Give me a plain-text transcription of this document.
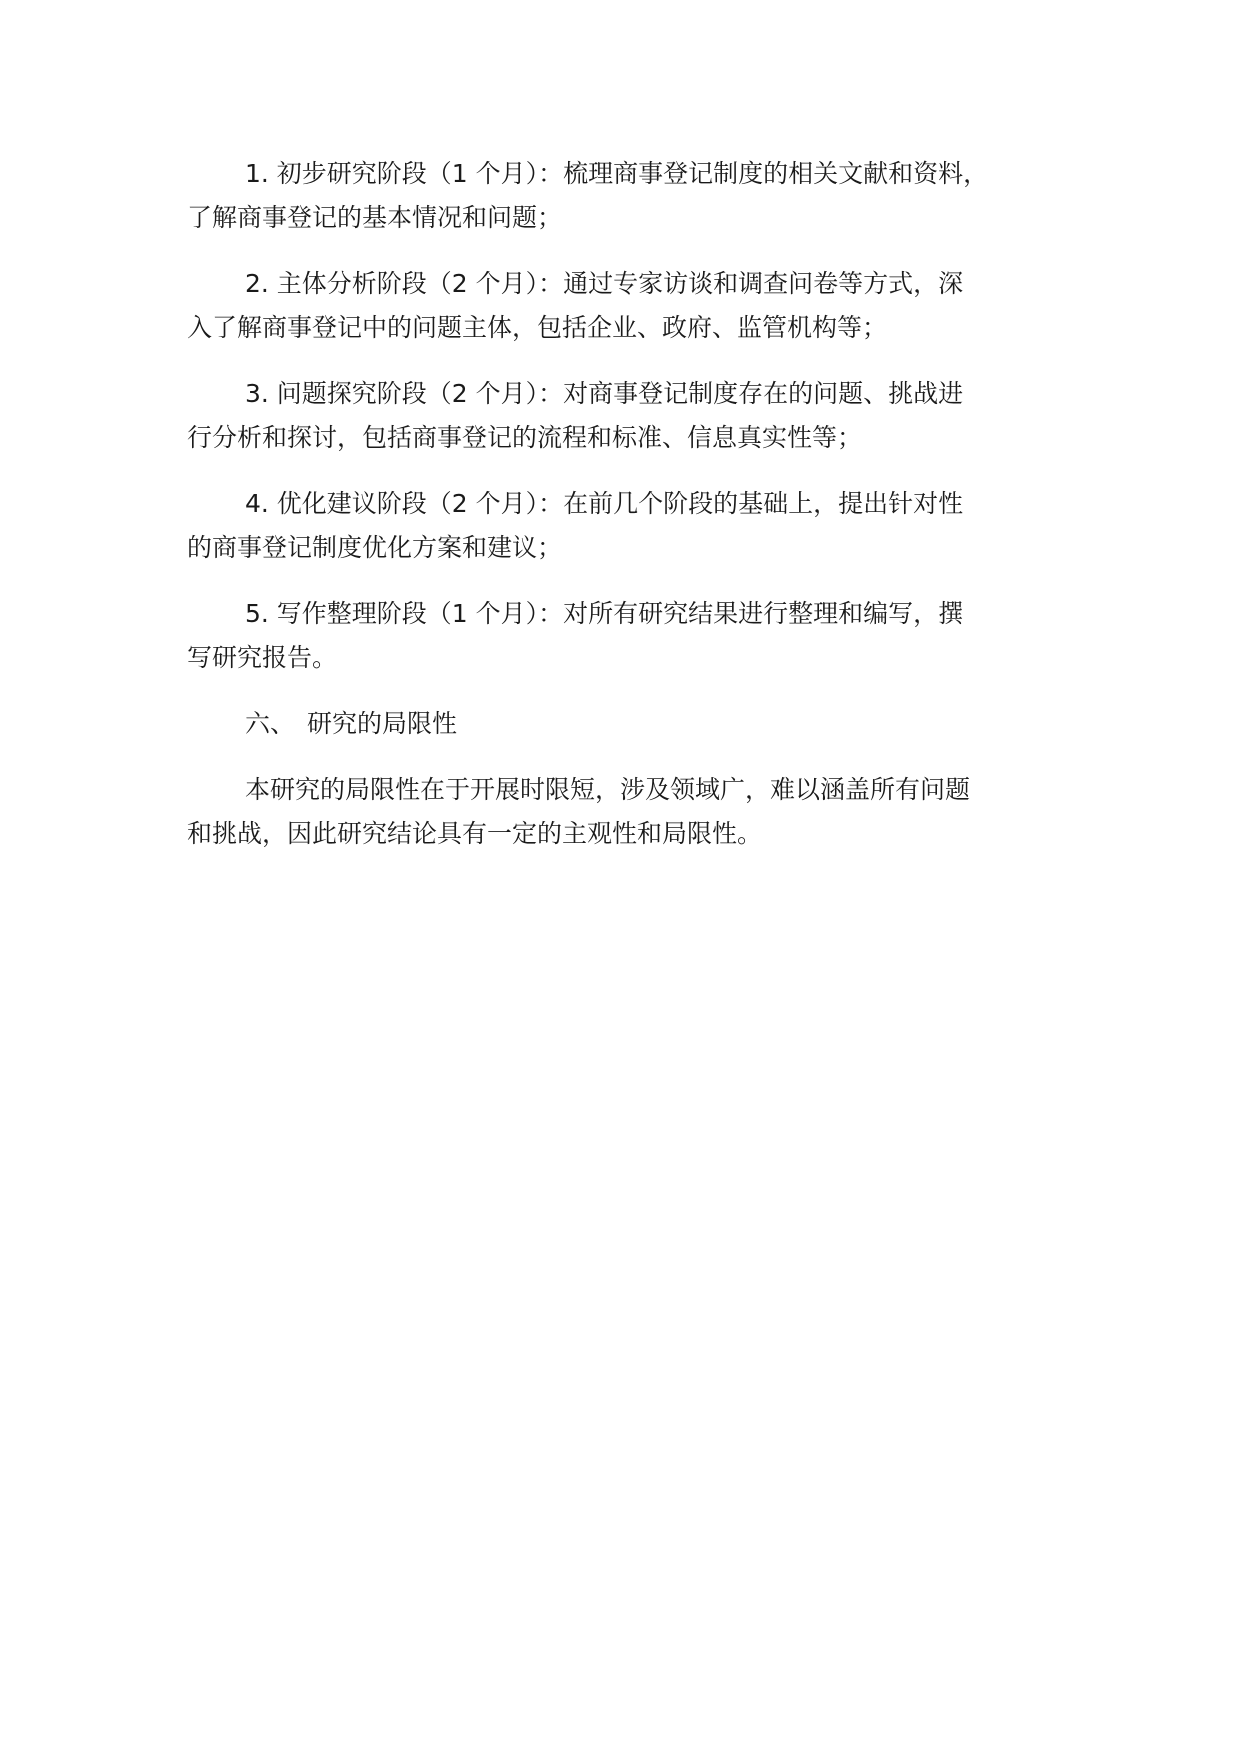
1. 初步研究阶段（1 个月）：梳理商事登记制度的相关文献和资料，
了解商事登记的基本情况和问题；

2. 主体分析阶段（2 个月）：通过专家访谈和调查问卷等方式，深
入了解商事登记中的问题主体，包括企业、政府、监管机构等；

3. 问题探究阶段（2 个月）：对商事登记制度存在的问题、挑战进
行分析和探讨，包括商事登记的流程和标准、信息真实性等；

4. 优化建议阶段（2 个月）：在前几个阶段的基础上，提出针对性
的商事登记制度优化方案和建议；

5. 写作整理阶段（1 个月）：对所有研究结果进行整理和编写，撰
写研究报告。

六、 研究的局限性

本研究的局限性在于开展时限短，涉及领域广，难以涵盖所有问题
和挑战，因此研究结论具有一定的主观性和局限性。
